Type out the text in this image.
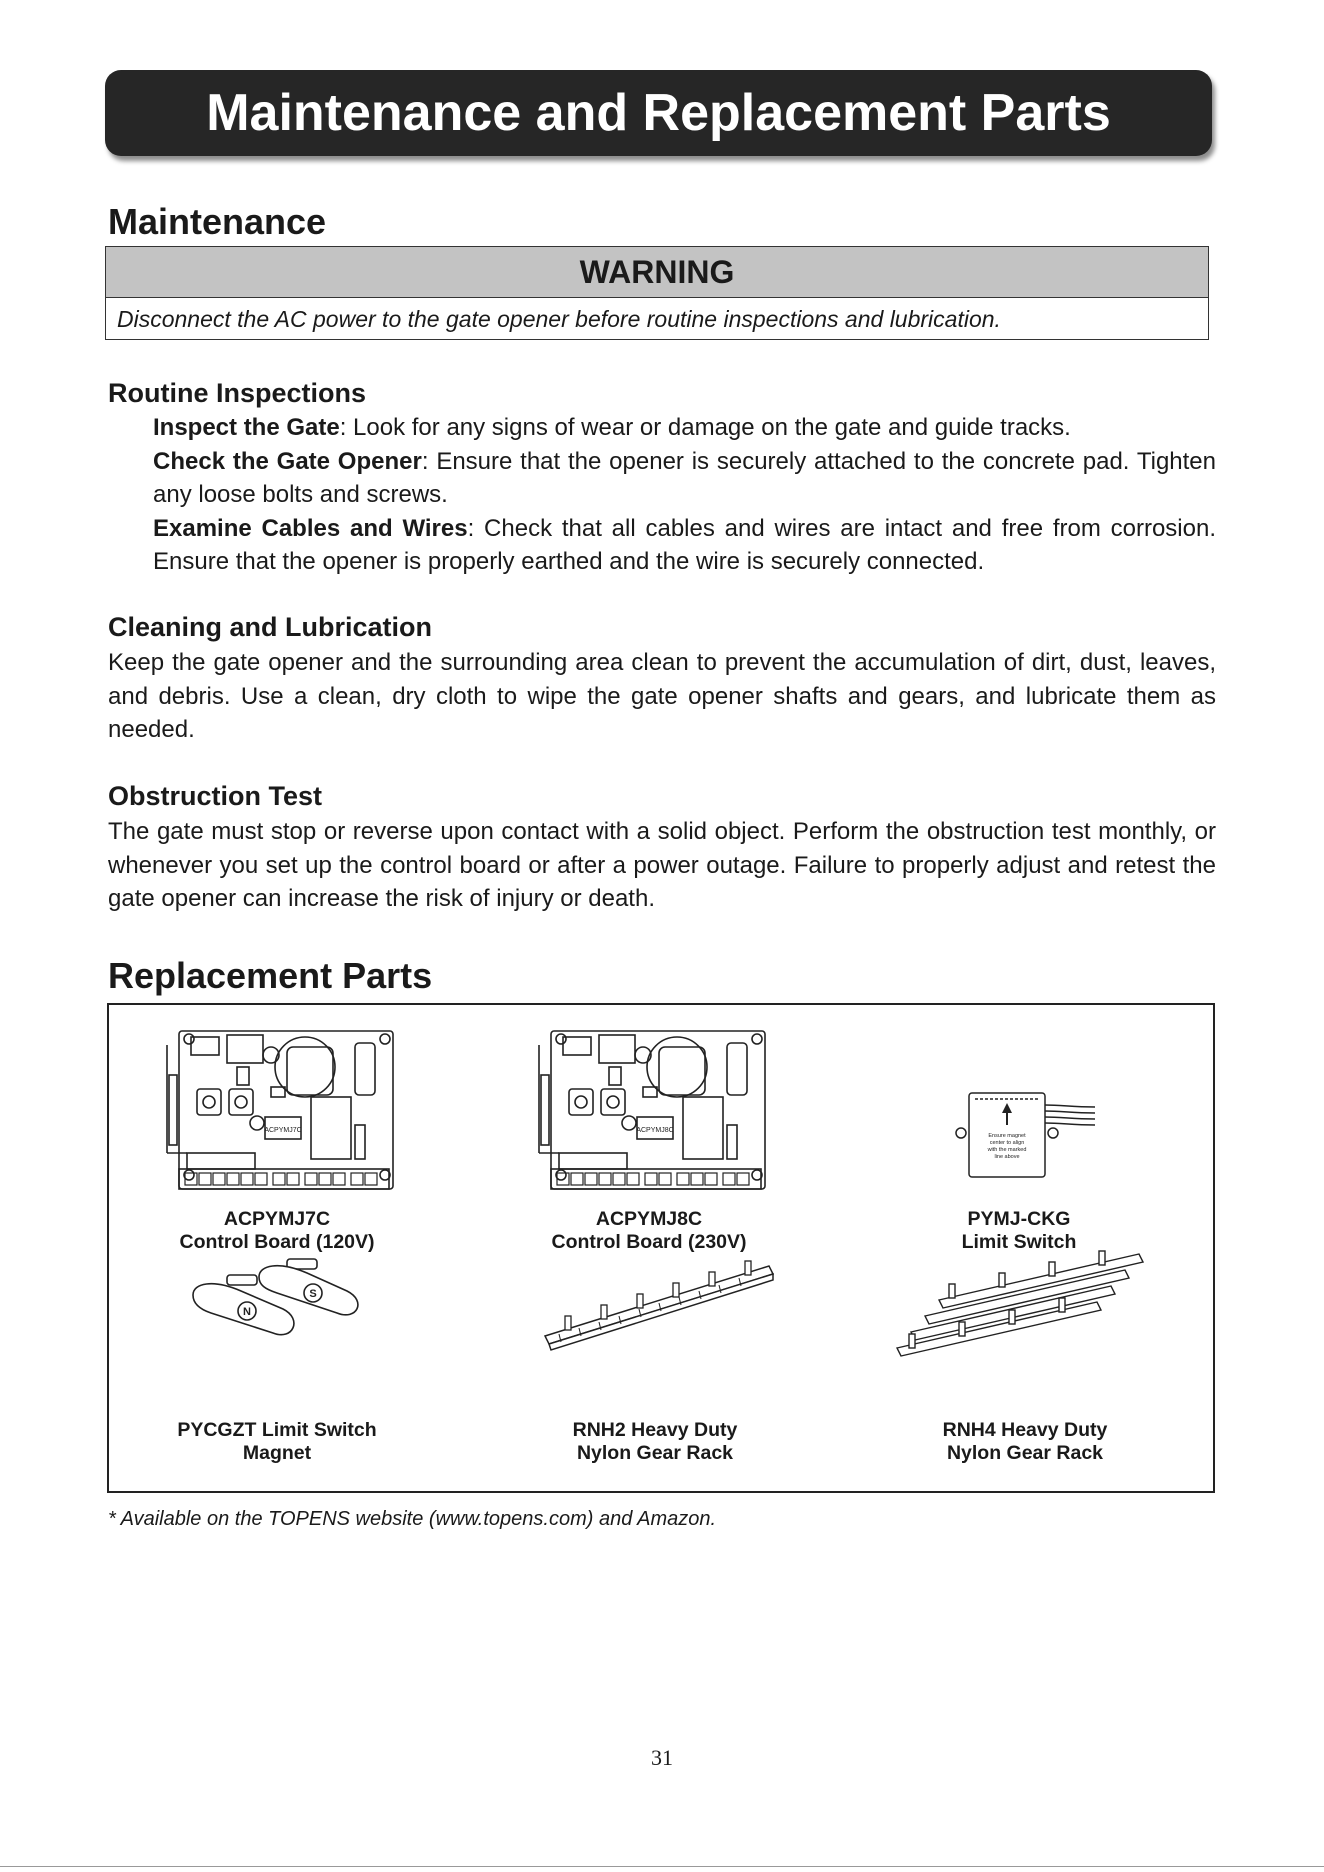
Maintenance and Replacement Parts
Maintenance
WARNING
Disconnect the AC power to the gate opener before routine inspections and lubrication.
Routine Inspections
Inspect the Gate: Look for any signs of wear or damage on the gate and guide tracks.
Check the Gate Opener: Ensure that the opener is securely attached to the concrete pad. Tighten any loose bolts and screws.
Examine Cables and Wires: Check that all cables and wires are intact and free from corrosion. Ensure that the opener is properly earthed and the wire is securely connected.
Cleaning and Lubrication
Keep the gate opener and the surrounding area clean to prevent the accumulation of dirt, dust, leaves, and debris. Use a clean, dry cloth to wipe the gate opener shafts and gears, and lubricate them as needed.
Obstruction Test
The gate must stop or reverse upon contact with a solid object. Perform the obstruction test monthly, or whenever you set up the control board or after a power outage. Failure to properly adjust and retest the gate opener can increase the risk of injury or death.
Replacement Parts
ACPYMJ7C	ACPYMJ8C
Ensure magnet
center to align
with the marked
line above
N
S
ACPYMJ7C
Control Board (120V)
ACPYMJ8C
Control Board (230V)
PYMJ-CKG
Limit Switch
PYCGZT Limit Switch
Magnet
RNH2 Heavy Duty
Nylon Gear Rack
RNH4 Heavy Duty
Nylon Gear Rack
* Available on the TOPENS website (www.topens.com) and Amazon.
31
